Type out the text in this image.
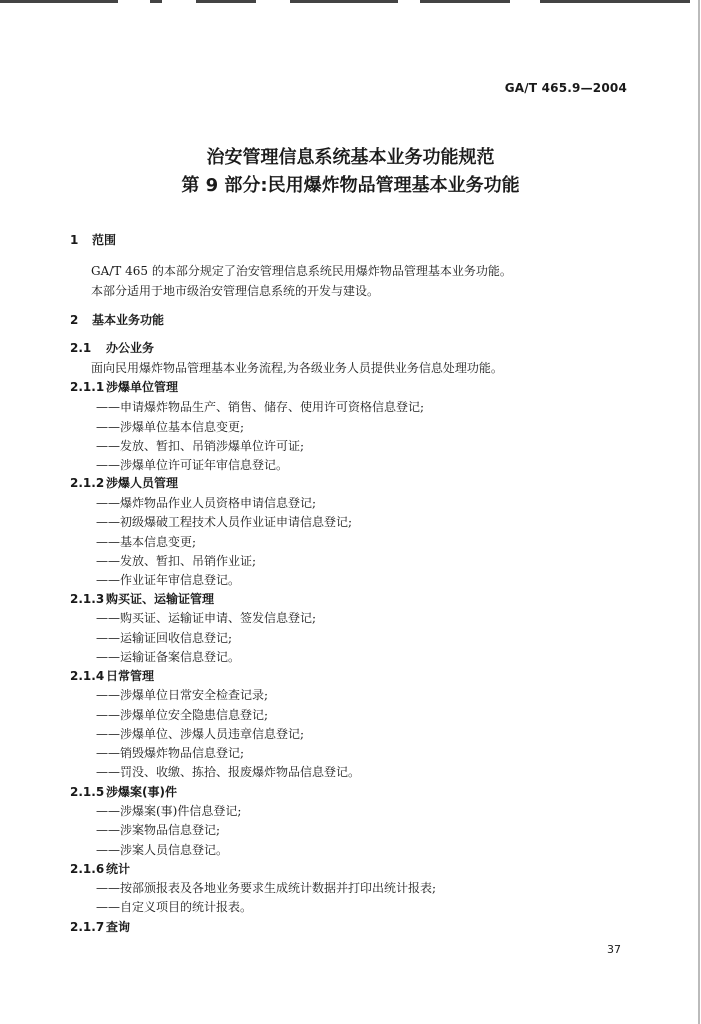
GA/T 465.9—2004
治安管理信息系统基本业务功能规范
第 9 部分:民用爆炸物品管理基本业务功能
1 范围
GA/T 465 的本部分规定了治安管理信息系统民用爆炸物品管理基本业务功能。
本部分适用于地市级治安管理信息系统的开发与建设。
2 基本业务功能
2.1 办公业务
面向民用爆炸物品管理基本业务流程,为各级业务人员提供业务信息处理功能。
2.1.1 涉爆单位管理
——申请爆炸物品生产、销售、储存、使用许可资格信息登记;
——涉爆单位基本信息变更;
——发放、暂扣、吊销涉爆单位许可证;
——涉爆单位许可证年审信息登记。
2.1.2 涉爆人员管理
——爆炸物品作业人员资格申请信息登记;
——初级爆破工程技术人员作业证申请信息登记;
——基本信息变更;
——发放、暂扣、吊销作业证;
——作业证年审信息登记。
2.1.3 购买证、运输证管理
——购买证、运输证申请、签发信息登记;
——运输证回收信息登记;
——运输证备案信息登记。
2.1.4 日常管理
——涉爆单位日常安全检查记录;
——涉爆单位安全隐患信息登记;
——涉爆单位、涉爆人员违章信息登记;
——销毁爆炸物品信息登记;
——罚没、收缴、拣拾、报废爆炸物品信息登记。
2.1.5 涉爆案(事)件
——涉爆案(事)件信息登记;
——涉案物品信息登记;
——涉案人员信息登记。
2.1.6 统计
——按部颁报表及各地业务要求生成统计数据并打印出统计报表;
——自定义项目的统计报表。
2.1.7 查询
37
